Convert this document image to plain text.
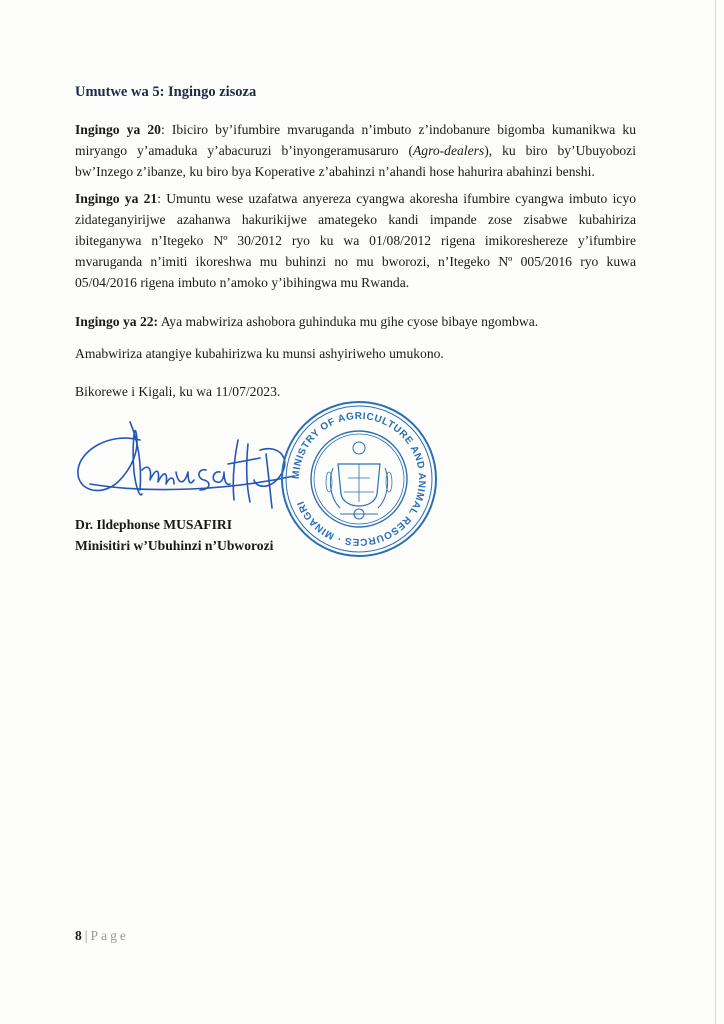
Umutwe wa 5: Ingingo zisoza
Ingingo ya 20: Ibiciro by’ifumbire mvaruganda n’imbuto z’indobanure bigomba kumanikwa ku miryango y’amaduka y’abacuruzi b’inyongeramusaruro (Agro-dealers), ku biro by’Ubuyobozi bw’Inzego z’ibanze, ku biro bya Koperative z’abahinzi n’ahandi hose hahurira abahinzi benshi.
Ingingo ya 21: Umuntu wese uzafatwa anyereza cyangwa akoresha ifumbire cyangwa imbuto icyo zidateganyirijwe azahanwa hakurikijwe amategeko kandi impande zose zisabwe kubahiriza ibiteganywa n’Itegeko Nº 30/2012 ryo ku wa 01/08/2012 rigena imikoreshereze y’ifumbire mvaruganda n’imiti ikoreshwa mu buhinzi no mu bworozi, n’Itegeko Nº 005/2016 ryo kuwa 05/04/2016 rigena imbuto n’amoko y’ibihingwa mu Rwanda.
Ingingo ya 22: Aya mabwiriza ashobora guhinduka mu gihe cyose bibaye ngombwa.
Amabwiriza atangiye kubahirizwa ku munsi ashyiriweho umukono.
Bikorewe i Kigali, ku wa 11/07/2023.
MINISTRY OF AGRICULTURE AND ANIMAL RESOURCES · MINAGRI
Dr. Ildephonse MUSAFIRI
Minisitiri w’Ubuhinzi n’Ubworozi
8 | Page
